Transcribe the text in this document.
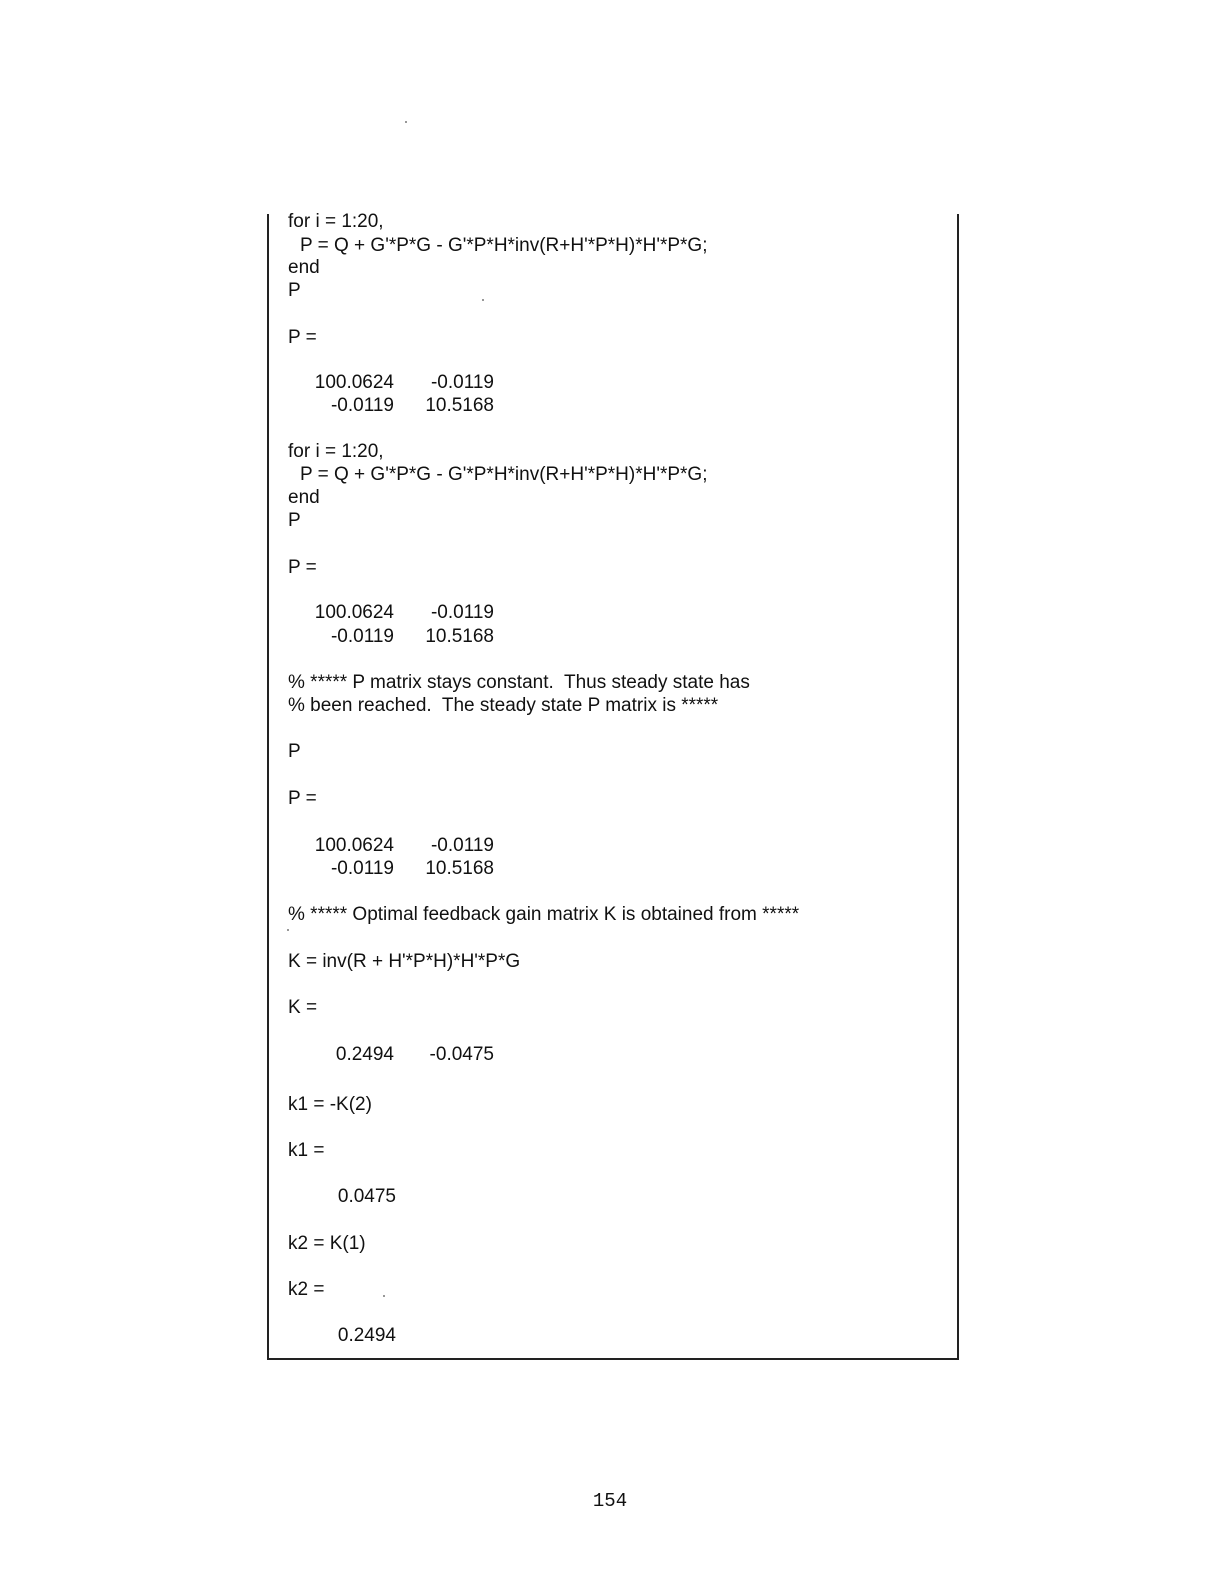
for i = 1:20,
P = Q + G'*P*G - G'*P*H*inv(R+H'*P*H)*H'*P*G;
end
P
P =
100.0624	-0.0119
-0.0119	10.5168
for i = 1:20,
P = Q + G'*P*G - G'*P*H*inv(R+H'*P*H)*H'*P*G;
end
P
P =
100.0624	-0.0119
-0.0119	10.5168
% ***** P matrix stays constant.  Thus steady state has
% been reached.  The steady state P matrix is *****
P
P =
100.0624	-0.0119
-0.0119	10.5168
% ***** Optimal feedback gain matrix K is obtained from *****
K = inv(R + H'*P*H)*H'*P*G
K =
0.2494	-0.0475
k1 = -K(2)
k1 =
0.0475
k2 = K(1)
k2 =
0.2494
154
